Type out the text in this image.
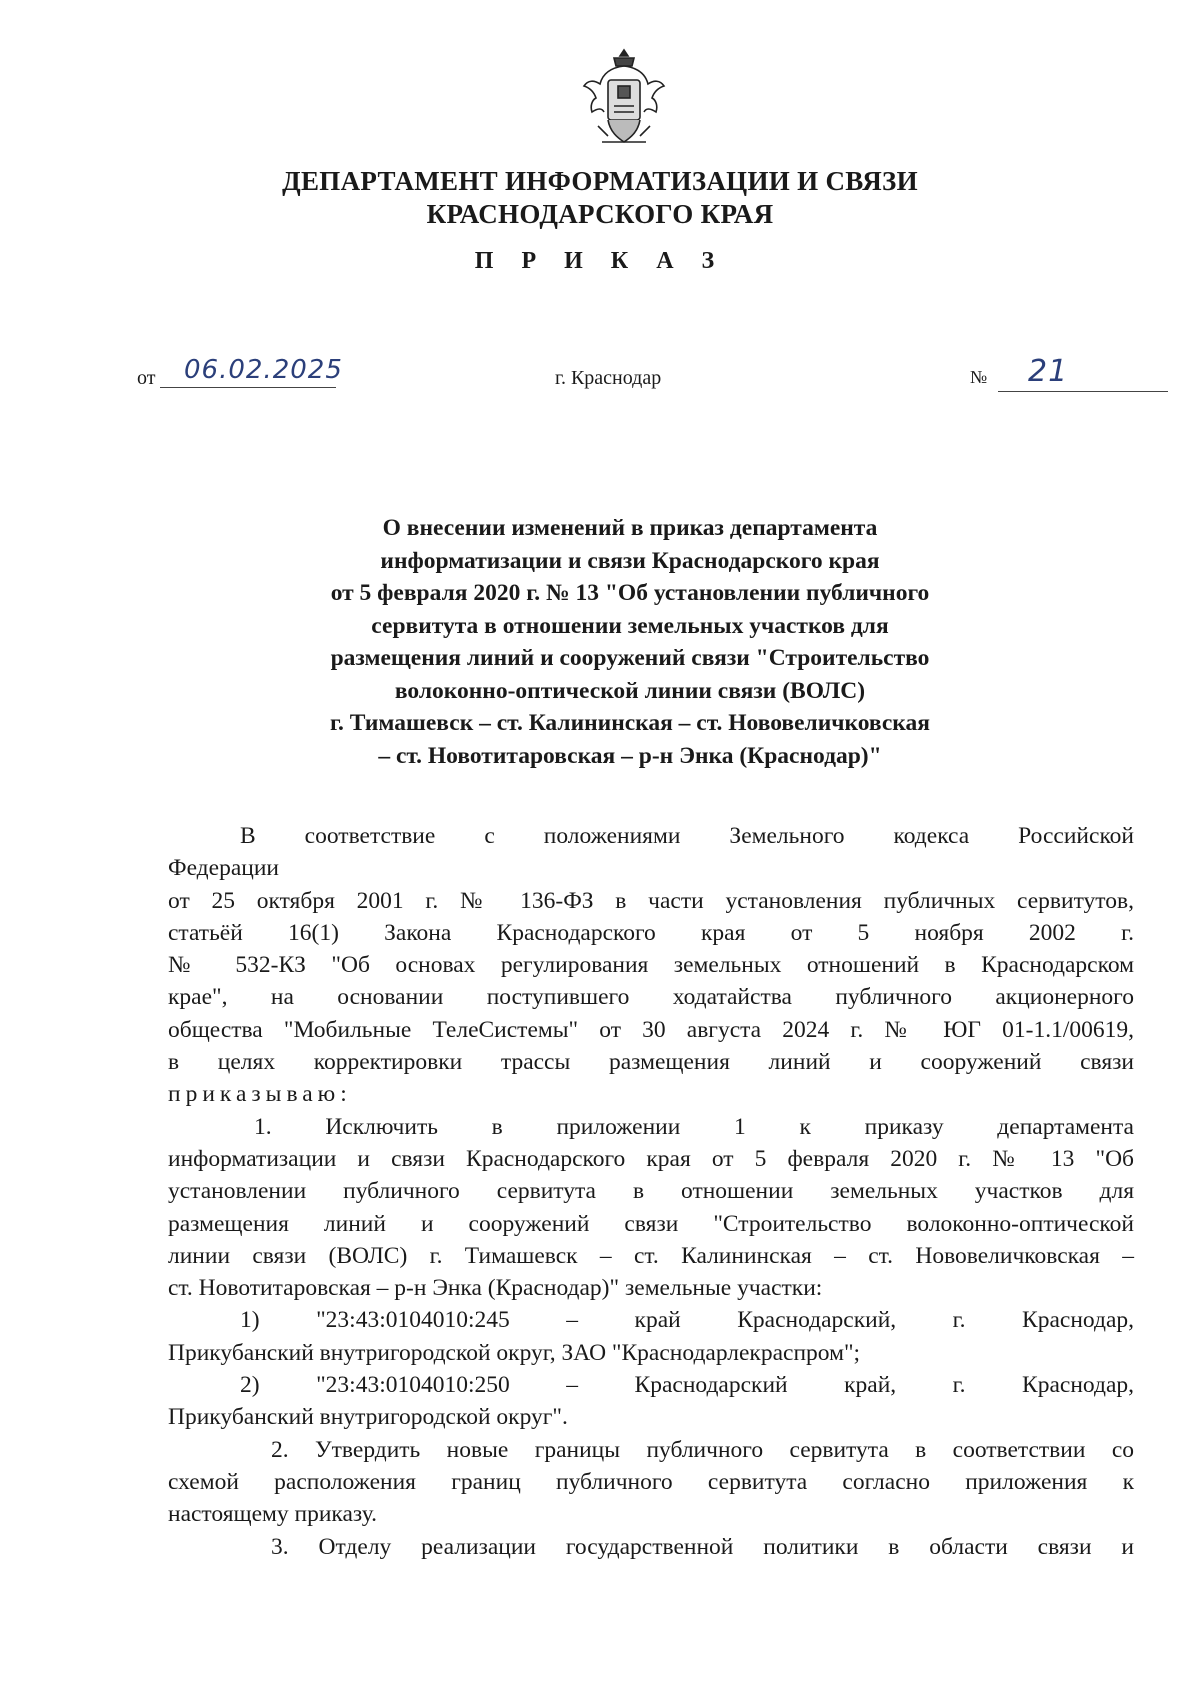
ДЕПАРТАМЕНТ ИНФОРМАТИЗАЦИИ И СВЯЗИ
КРАСНОДАРСКОГО КРАЯ
П Р И К А З
от 06.02.2025	г. Краснодар	№ 21
О внесении изменений в приказ департамента
информатизации и связи Краснодарского края
от 5 февраля 2020 г. № 13 "Об установлении публичного
сервитута в отношении земельных участков для
размещения линий и сооружений связи "Строительство
волоконно-оптической линии связи (ВОЛС)
г. Тимашевск – ст. Калининская – ст. Нововеличковская
– ст. Новотитаровская – р-н Энка (Краснодар)"
В соответствие с положениями Земельного кодекса Российской
Федерации
от 25 октября 2001 г. № 136-ФЗ в части установления публичных сервитутов,
статьёй 16(1) Закона Краснодарского края от 5 ноября 2002 г.
№ 532-КЗ "Об основах регулирования земельных отношений в Краснодарском
крае", на основании поступившего ходатайства публичного акционерного
общества "Мобильные ТелеСистемы" от 30 августа 2024 г. № ЮГ 01-1.1/00619,
в целях корректировки трассы размещения линий и сооружений связи
приказываю:
1. Исключить в приложении 1 к приказу департамента
информатизации и связи Краснодарского края от 5 февраля 2020 г. № 13 "Об
установлении публичного сервитута в отношении земельных участков для
размещения линий и сооружений связи "Строительство волоконно-оптической
линии связи (ВОЛС) г. Тимашевск – ст. Калининская – ст. Нововеличковская –
ст. Новотитаровская – р-н Энка (Краснодар)" земельные участки:
1) "23:43:0104010:245 – край Краснодарский, г. Краснодар,
Прикубанский внутригородской округ, ЗАО "Краснодарлекраспром";
2) "23:43:0104010:250 – Краснодарский край, г. Краснодар,
Прикубанский внутригородской округ".
2. Утвердить новые границы публичного сервитута в соответствии со
схемой расположения границ публичного сервитута согласно приложения к
настоящему приказу.
3. Отделу реализации государственной политики в области связи и
